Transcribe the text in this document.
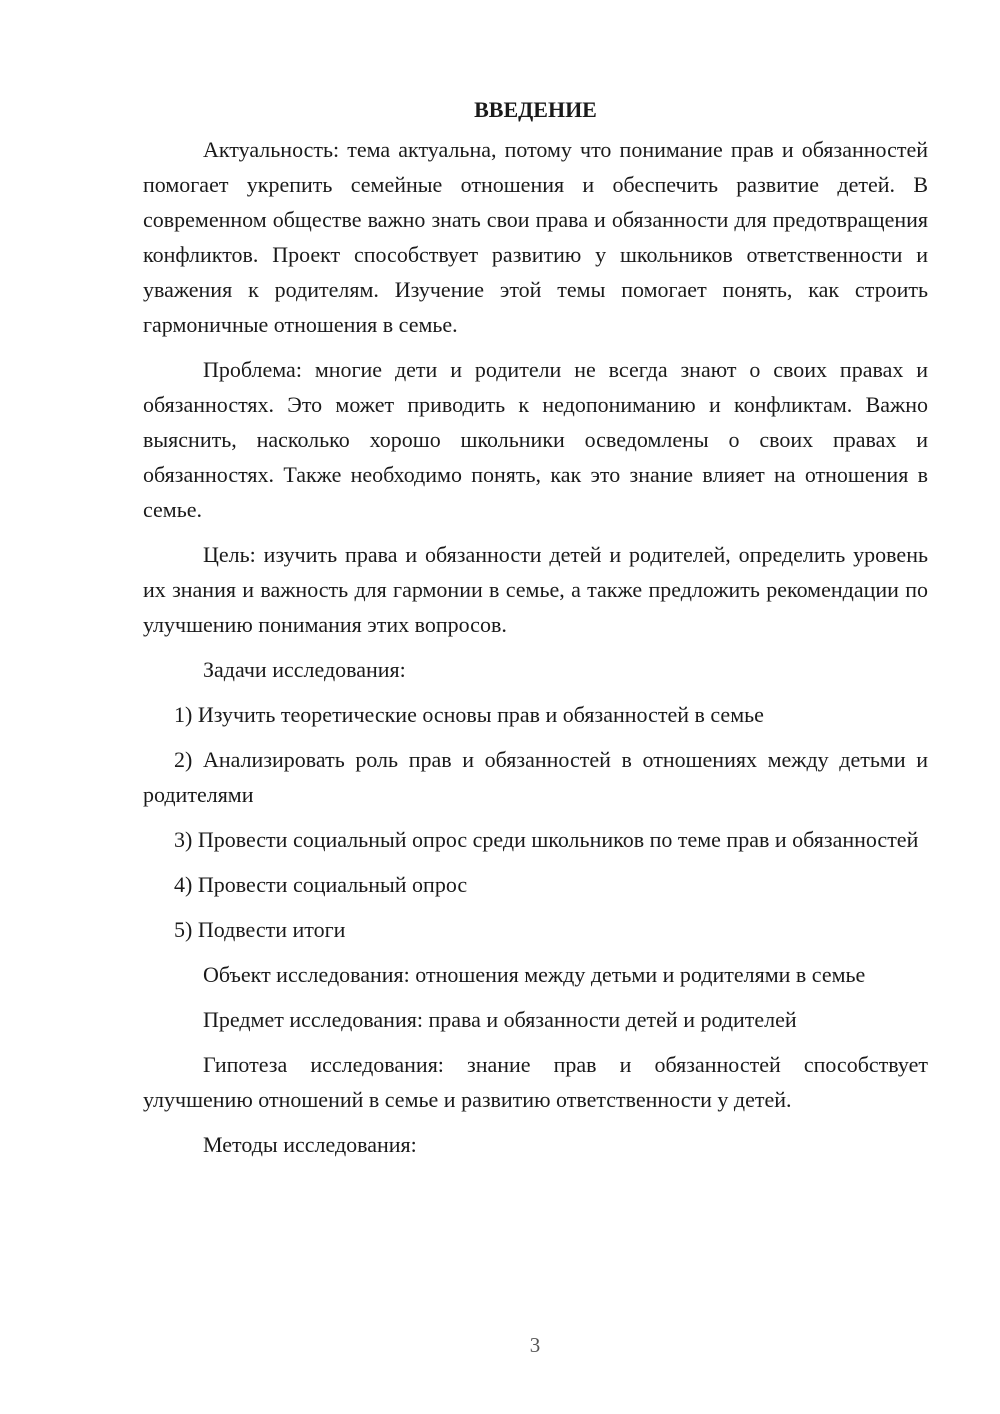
ВВЕДЕНИЕ

Актуальность: тема актуальна, потому что понимание прав и обязанностей помогает укрепить семейные отношения и обеспечить развитие детей. В современном обществе важно знать свои права и обязанности для предотвращения конфликтов. Проект способствует развитию у школьников ответственности и уважения к родителям. Изучение этой темы помогает понять, как строить гармоничные отношения в семье.

Проблема: многие дети и родители не всегда знают о своих правах и обязанностях. Это может приводить к недопониманию и конфликтам. Важно выяснить, насколько хорошо школьники осведомлены о своих правах и обязанностях. Также необходимо понять, как это знание влияет на отношения в семье.

Цель: изучить права и обязанности детей и родителей, определить уровень их знания и важность для гармонии в семье, а также предложить рекомендации по улучшению понимания этих вопросов.

Задачи исследования:

1) Изучить теоретические основы прав и обязанностей в семье

2) Анализировать роль прав и обязанностей в отношениях между детьми и родителями

3) Провести социальный опрос среди школьников по теме прав и обязанностей

4) Провести социальный опрос

5) Подвести итоги

Объект исследования: отношения между детьми и родителями в семье

Предмет исследования: права и обязанности детей и родителей

Гипотеза исследования: знание прав и обязанностей способствует улучшению отношений в семье и развитию ответственности у детей.

Методы исследования:

3
